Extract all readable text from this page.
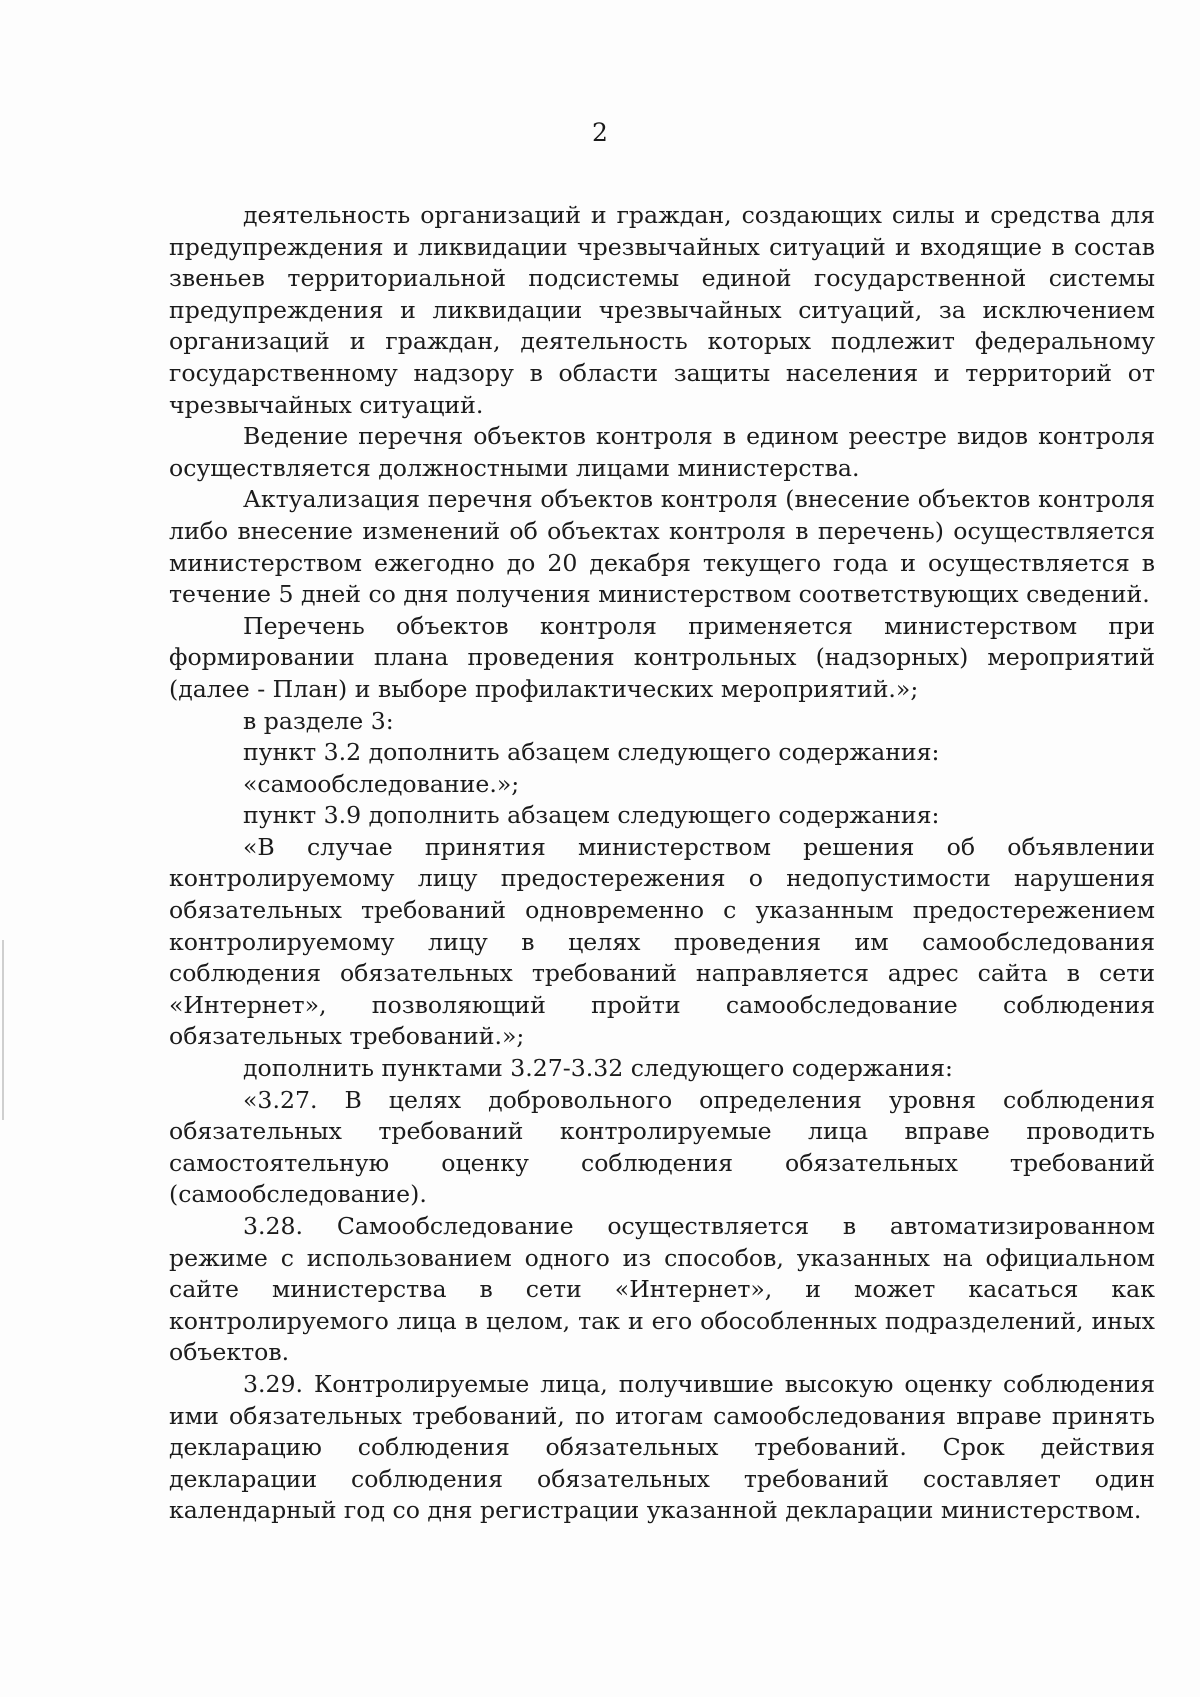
2

деятельность организаций и граждан, создающих силы и средства для предупреждения и ликвидации чрезвычайных ситуаций и входящие в состав звеньев территориальной подсистемы единой государственной системы предупреждения и ликвидации чрезвычайных ситуаций, за исключением организаций и граждан, деятельность которых подлежит федеральному государственному надзору в области защиты населения и территорий от чрезвычайных ситуаций.

Ведение перечня объектов контроля в едином реестре видов контроля осуществляется должностными лицами министерства.

Актуализация перечня объектов контроля (внесение объектов контроля либо внесение изменений об объектах контроля в перечень) осуществляется министерством ежегодно до 20 декабря текущего года и осуществляется в течение 5 дней со дня получения министерством соответствующих сведений.

Перечень объектов контроля применяется министерством при формировании плана проведения контрольных (надзорных) мероприятий (далее - План) и выборе профилактических мероприятий.»;

в разделе 3:

пункт 3.2 дополнить абзацем следующего содержания:

«самообследование.»;

пункт 3.9 дополнить абзацем следующего содержания:

«В случае принятия министерством решения об объявлении контролируемому лицу предостережения о недопустимости нарушения обязательных требований одновременно с указанным предостережением контролируемому лицу в целях проведения им самообследования соблюдения обязательных требований направляется адрес сайта в сети «Интернет», позволяющий пройти самообследование соблюдения обязательных требований.»;

дополнить пунктами 3.27-3.32 следующего содержания:

«3.27. В целях добровольного определения уровня соблюдения обязательных требований контролируемые лица вправе проводить самостоятельную оценку соблюдения обязательных требований (самообследование).

3.28. Самообследование осуществляется в автоматизированном режиме с использованием одного из способов, указанных на официальном сайте министерства в сети «Интернет», и может касаться как контролируемого лица в целом, так и его обособленных подразделений, иных объектов.

3.29. Контролируемые лица, получившие высокую оценку соблюдения ими обязательных требований, по итогам самообследования вправе принять декларацию соблюдения обязательных требований. Срок действия декларации соблюдения обязательных требований составляет один календарный год со дня регистрации указанной декларации министерством.
